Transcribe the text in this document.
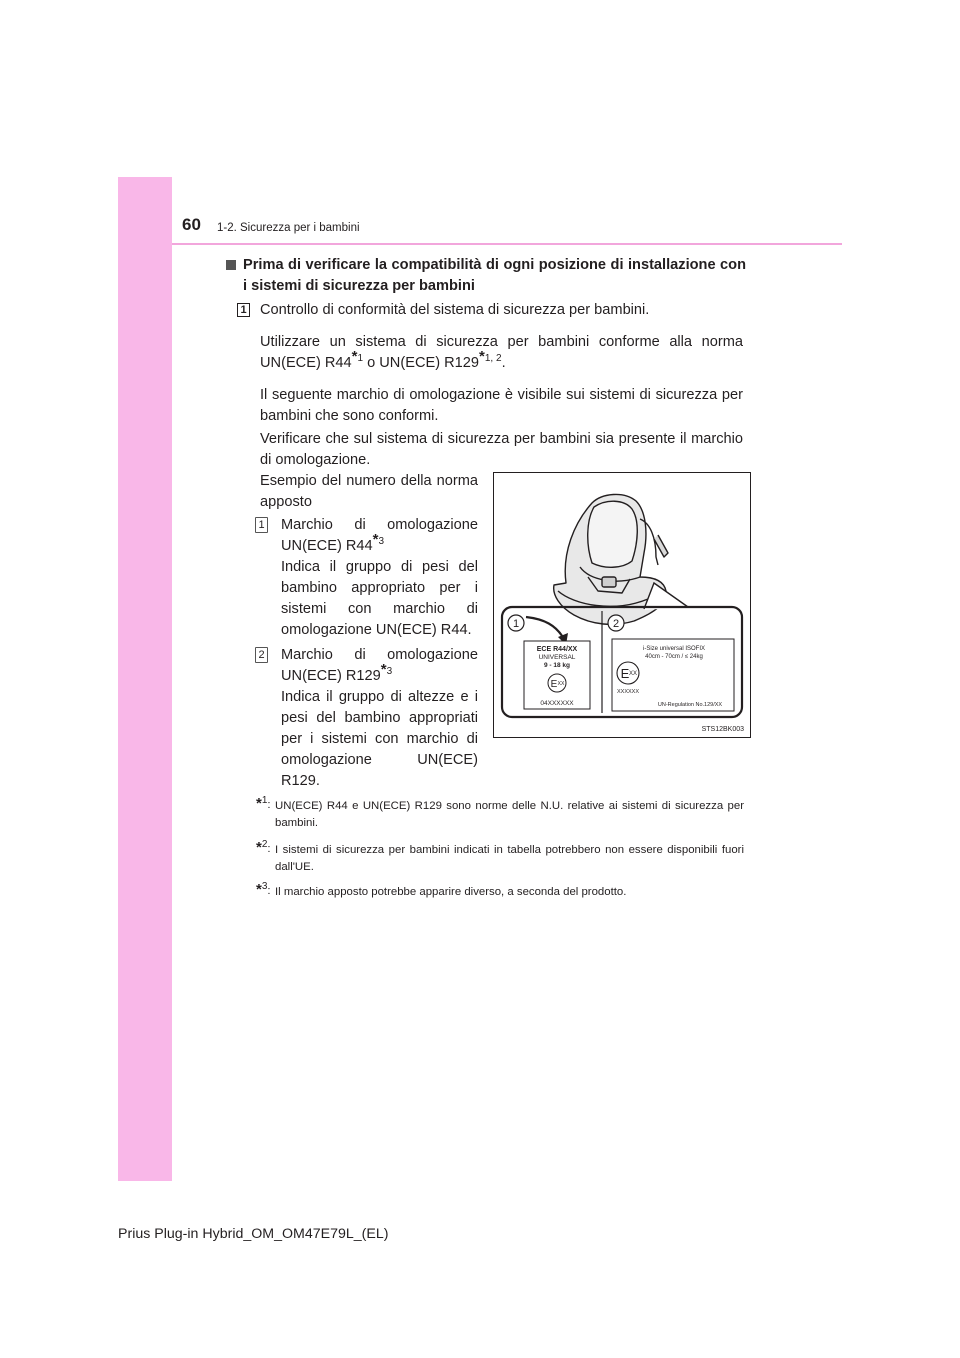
60 1-2. Sicurezza per i bambini
Prima di verificare la compatibilità di ogni posizione di installazione con i sistemi di sicurezza per bambini
1 Controllo di conformità del sistema di sicurezza per bambini.
Utilizzare un sistema di sicurezza per bambini conforme alla norma UN(ECE) R44$^{*1}$ o UN(ECE) R129$^{*1, 2}$.
Il seguente marchio di omologazione è visibile sui sistemi di sicurezza per bambini che sono conformi.
Verificare che sul sistema di sicurezza per bambini sia presente il marchio di omologazione.
Esempio del numero della norma apposto
1 Marchio di omologazione UN(ECE) R44$^{*3}$
Indica il gruppo di pesi del bambino appropriato per i sistemi con marchio di omologazione UN(ECE) R44.
2 Marchio di omologazione UN(ECE) R129$^{*3}$
Indica il gruppo di altezze e i pesi del bambino appropriati per i sistemi con marchio di omologazione UN(ECE) R129.
*$^1$: UN(ECE) R44 e UN(ECE) R129 sono norme delle N.U. relative ai sistemi di sicurezza per bambini.
*$^2$: I sistemi di sicurezza per bambini indicati in tabella potrebbero non essere disponibili fuori dall'UE.
*$^3$: Il marchio apposto potrebbe apparire diverso, a seconda del prodotto.
1	2
ECE R44/XX
UNIVERSAL
9 - 18 kg
E XX
04XXXXXX
i-Size universal ISOFIX
40cm - 70cm / ≤ 24kg
E XX
XXXXXX
UN-Regulation No.129/XX
STS12BK003
Prius Plug-in Hybrid_OM_OM47E79L_(EL)
